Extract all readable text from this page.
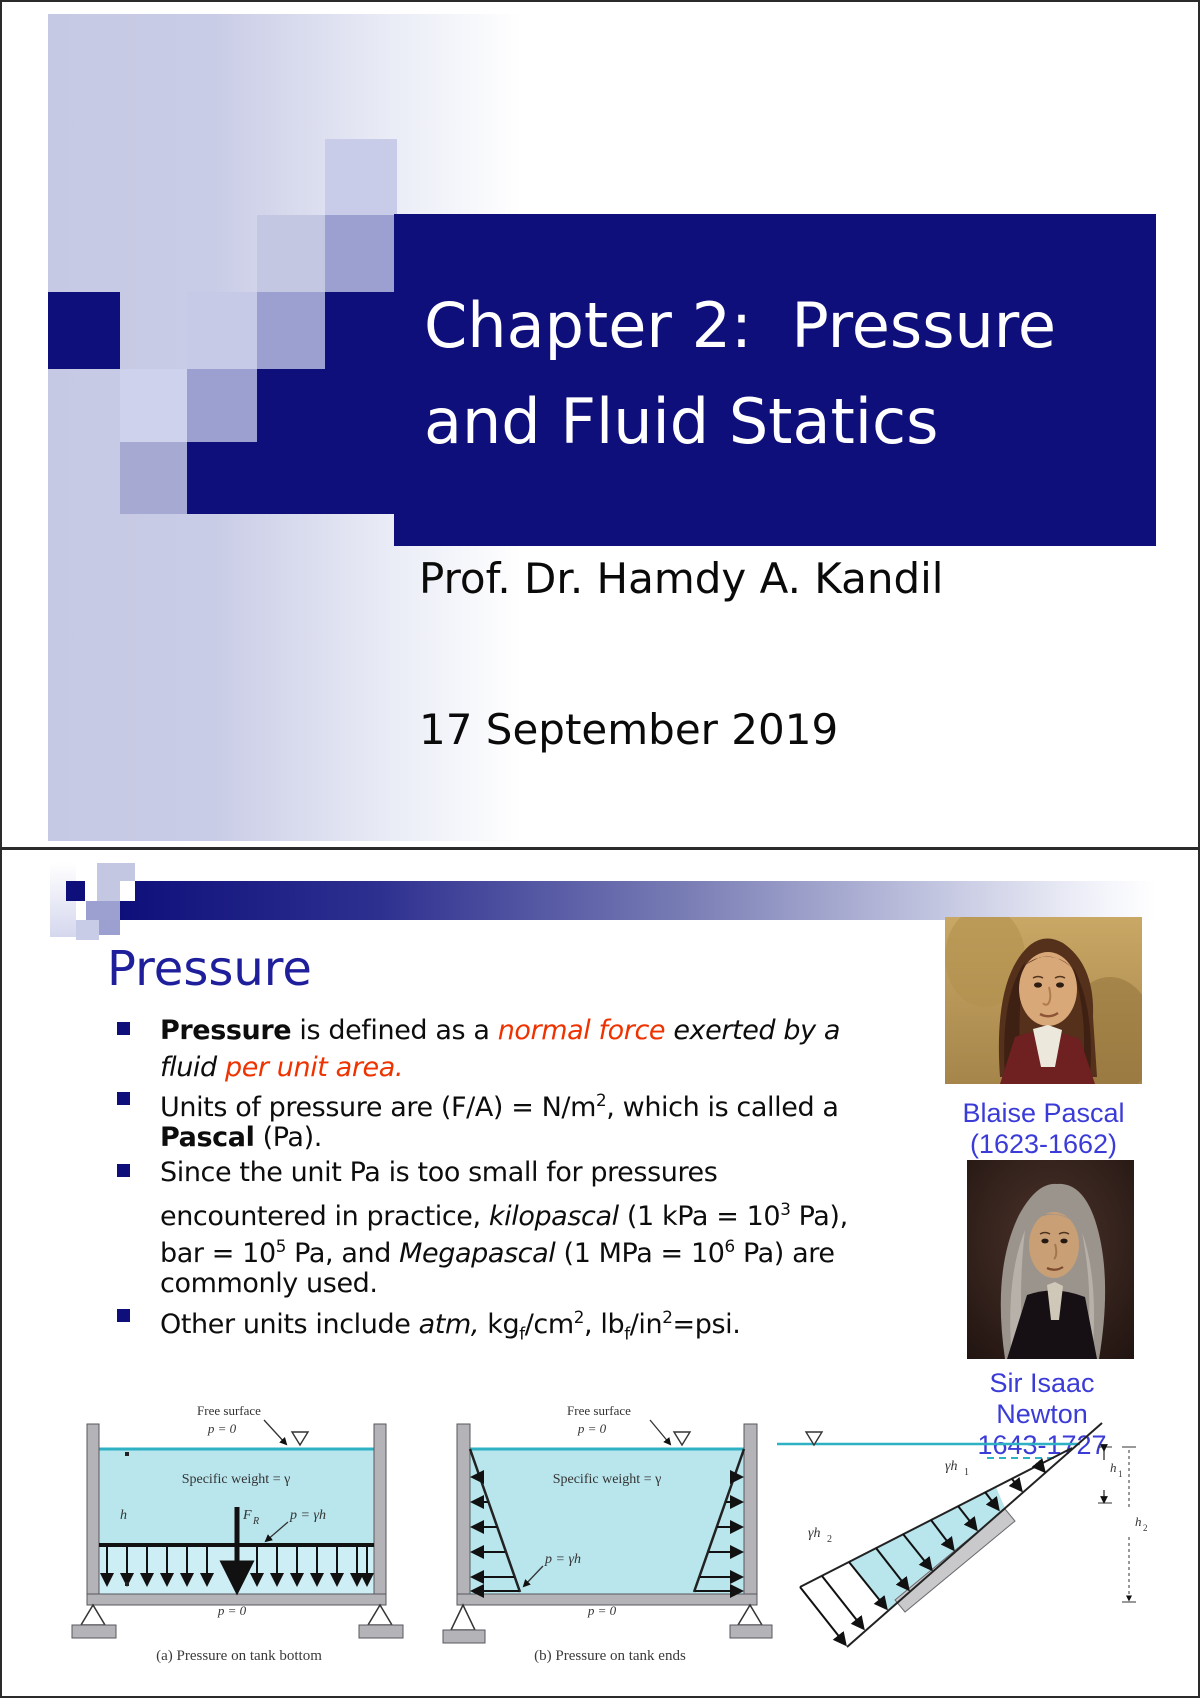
Chapter 2:  Pressure
and Fluid Statics
Prof. Dr. Hamdy A. Kandil
17 September 2019
Pressure
Pressure is defined as a normal force exerted by a
fluid per unit area.
Units of pressure are $(F/A) = N/m^2$, which is called a
Pascal (Pa).
Since the unit Pa is too small for pressures
encountered in practice, kilopascal (1 kPa = $10^3$ Pa),
bar = $10^5$ Pa, and Megapascal (1 MPa = $10^6$ Pa) are
commonly used.
Other units include atm, $kg_f/cm^2$, $lb_f/in^2=psi$.
Blaise Pascal
(1623-1662)
Sir Isaac Newton
1643-1727
Free surface
p = 0
Specific weight = γ
h	F R p = γh
p = 0
(a) Pressure on tank bottom
Free surface
p = 0
Specific weight = γ
p = γh
p = 0
(b) Pressure on tank ends
γh 1
γh 2
h 1
h 2
